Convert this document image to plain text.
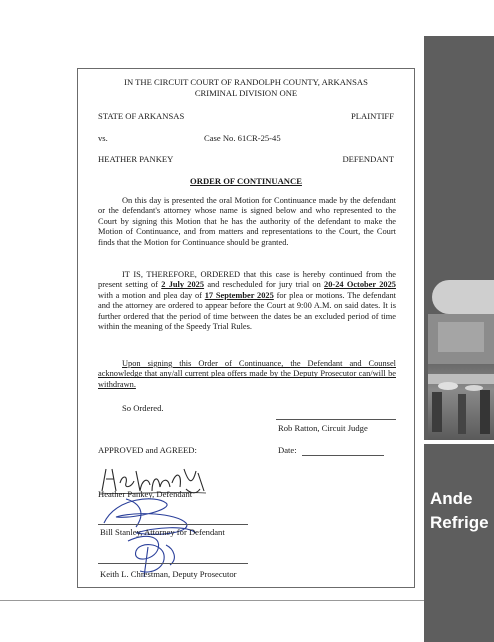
Ande
Refrige
IN THE CIRCUIT COURT OF RANDOLPH COUNTY, ARKANSAS
CRIMINAL DIVISION ONE
STATE OF ARKANSAS	PLAINTIFF
vs.	Case No. 61CR-25-45
HEATHER PANKEY	DEFENDANT
ORDER OF CONTINUANCE

On this day is presented the oral Motion for Continuance made by the defendant or the defendant's attorney whose name is signed below and who represented to the Court by signing this Motion that he has the authority of the defendant to make the Motion of Continuance, and from matters and representations to the Court, the Court finds that the Motion for Continuance should be granted.

IT IS, THEREFORE, ORDERED that this case is hereby continued from the present setting of 2 July 2025 and rescheduled for jury trial on 20-24 October 2025 with a motion and plea day of 17 September 2025 for plea or motions. The defendant and the attorney are ordered to appear before the Court at 9:00 A.M. on said dates. It is further ordered that the period of time between the dates be an excluded period of time within the meaning of the Speedy Trial Rules.

Upon signing this Order of Continuance, the Defendant and Counsel acknowledge that any/all current plea offers made by the Deputy Prosecutor can/will be withdrawn.

So Ordered.
Rob Ratton, Circuit Judge
APPROVED and AGREED:	Date:
Heather Pankey, Defendant
Bill Stanley, Attorney for Defendant
Keith L. Chrestman, Deputy Prosecutor
